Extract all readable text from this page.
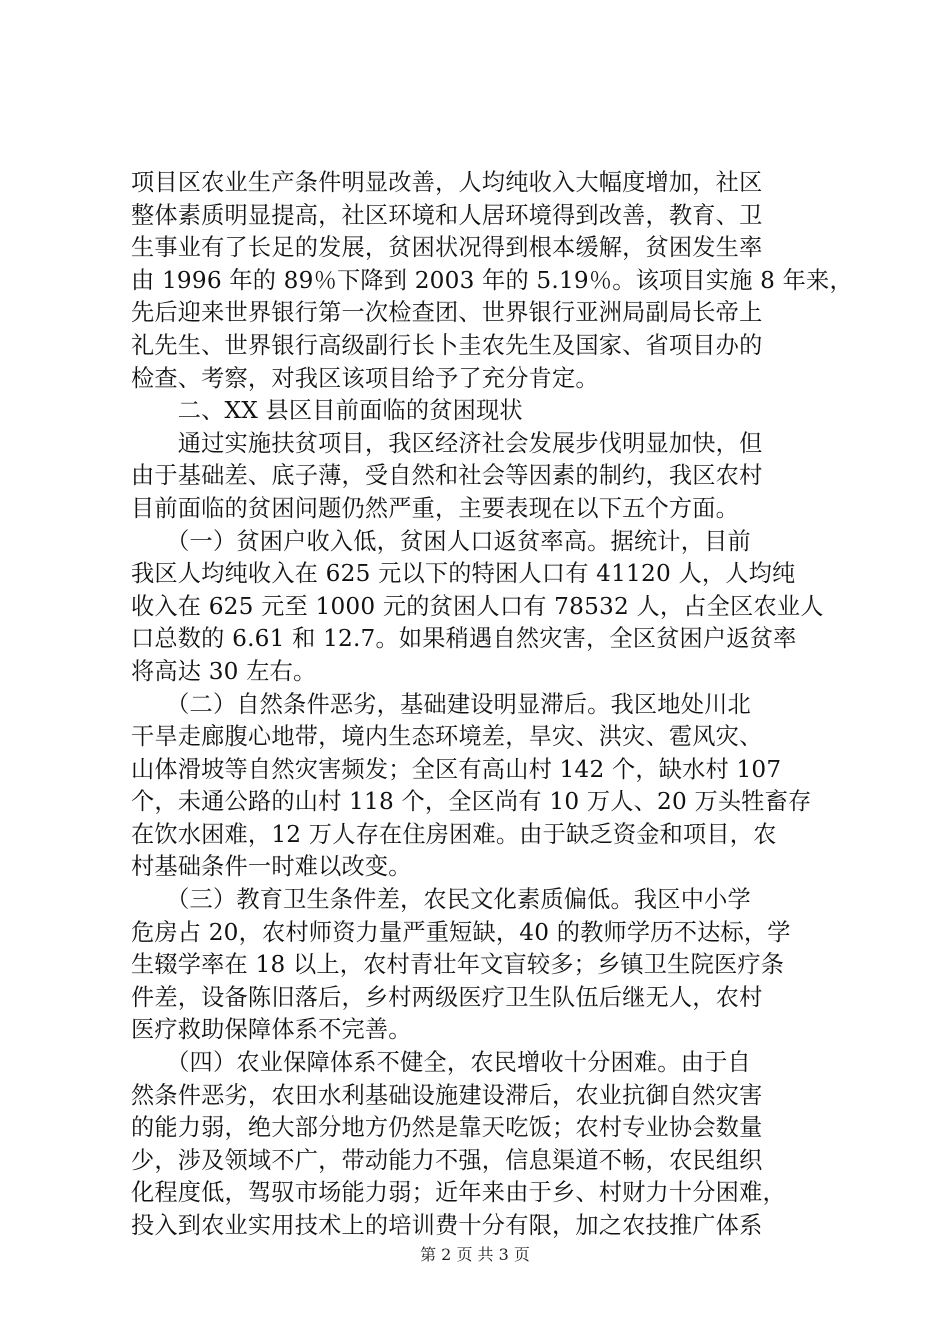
项目区农业生产条件明显改善，人均纯收入大幅度增加，社区
整体素质明显提高，社区环境和人居环境得到改善，教育、卫
生事业有了长足的发展，贫困状况得到根本缓解，贫困发生率
由 1996 年的 89％下降到 2003 年的 5.19％。该项目实施 8 年来，
先后迎来世界银行第一次检查团、世界银行亚洲局副局长帝上
礼先生、世界银行高级副行长卜圭农先生及国家、省项目办的
检查、考察，对我区该项目给予了充分肯定。
　　二、XX 县区目前面临的贫困现状
　　通过实施扶贫项目，我区经济社会发展步伐明显加快，但
由于基础差、底子薄，受自然和社会等因素的制约，我区农村
目前面临的贫困问题仍然严重，主要表现在以下五个方面。
　　（一）贫困户收入低，贫困人口返贫率高。据统计，目前
我区人均纯收入在 625 元以下的特困人口有 41120 人，人均纯
收入在 625 元至 1000 元的贫困人口有 78532 人，占全区农业人
口总数的 6.61 和 12.7。如果稍遇自然灾害，全区贫困户返贫率
将高达 30 左右。
　　（二）自然条件恶劣，基础建设明显滞后。我区地处川北
干旱走廊腹心地带，境内生态环境差，旱灾、洪灾、雹风灾、
山体滑坡等自然灾害频发；全区有高山村 142 个，缺水村 107
个，未通公路的山村 118 个，全区尚有 10 万人、20 万头牲畜存
在饮水困难，12 万人存在住房困难。由于缺乏资金和项目，农
村基础条件一时难以改变。
　　（三）教育卫生条件差，农民文化素质偏低。我区中小学
危房占 20，农村师资力量严重短缺，40 的教师学历不达标，学
生辍学率在 18 以上，农村青壮年文盲较多；乡镇卫生院医疗条
件差，设备陈旧落后，乡村两级医疗卫生队伍后继无人，农村
医疗救助保障体系不完善。
　　（四）农业保障体系不健全，农民增收十分困难。由于自
然条件恶劣，农田水利基础设施建设滞后，农业抗御自然灾害
的能力弱，绝大部分地方仍然是靠天吃饭；农村专业协会数量
少，涉及领域不广，带动能力不强，信息渠道不畅，农民组织
化程度低，驾驭市场能力弱；近年来由于乡、村财力十分困难，
投入到农业实用技术上的培训费十分有限，加之农技推广体系
第 2 页 共 3 页
